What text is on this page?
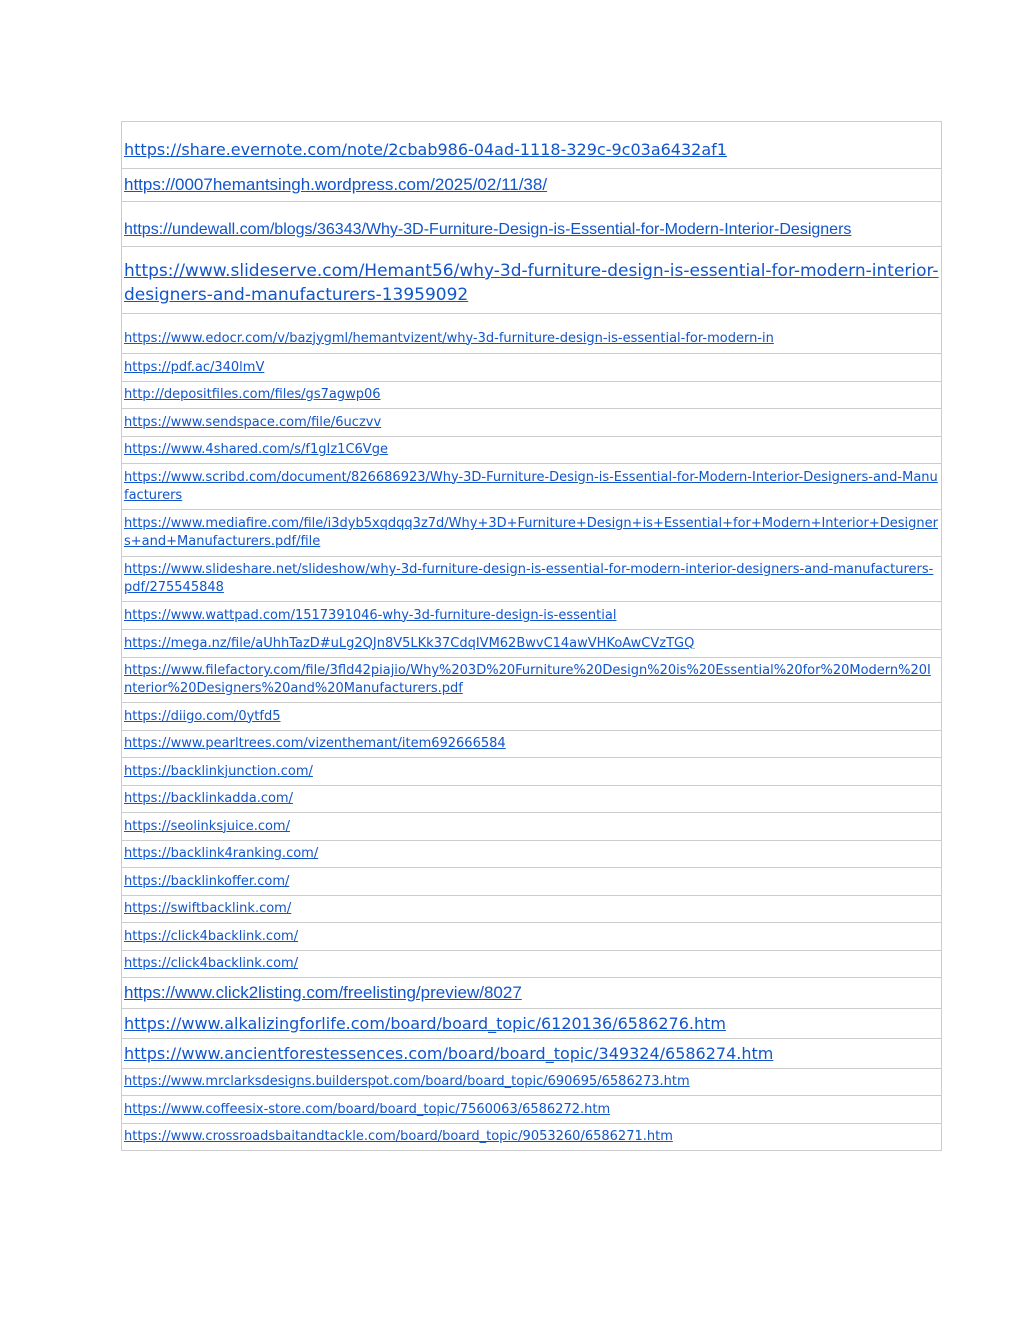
https://share.evernote.com/note/2cbab986-04ad-1118-329c-9c03a6432af1
https://0007hemantsingh.wordpress.com/2025/02/11/38/
https://undewall.com/blogs/36343/Why-3D-Furniture-Design-is-Essential-for-Modern-Interior-Designers
https://www.slideserve.com/Hemant56/why-3d-furniture-design-is-essential-for-modern-interior-designers-and-manufacturers-13959092
https://www.edocr.com/v/bazjygml/hemantvizent/why-3d-furniture-design-is-essential-for-modern-in
https://pdf.ac/340lmV
http://depositfiles.com/files/gs7agwp06
https://www.sendspace.com/file/6uczvv
https://www.4shared.com/s/f1gIz1C6Vge
https://www.scribd.com/document/826686923/Why-3D-Furniture-Design-is-Essential-for-Modern-Interior-Designers-and-Manufacturers
https://www.mediafire.com/file/i3dyb5xqdqq3z7d/Why+3D+Furniture+Design+is+Essential+for+Modern+Interior+Designers+and+Manufacturers.pdf/file
https://www.slideshare.net/slideshow/why-3d-furniture-design-is-essential-for-modern-interior-designers-and-manufacturers-pdf/275545848
https://www.wattpad.com/1517391046-why-3d-furniture-design-is-essential
https://mega.nz/file/aUhhTazD#uLg2QJn8V5LKk37CdqIVM62BwvC14awVHKoAwCVzTGQ
https://www.filefactory.com/file/3fld42piajio/Why%203D%20Furniture%20Design%20is%20Essential%20for%20Modern%20Interior%20Designers%20and%20Manufacturers.pdf
https://diigo.com/0ytfd5
https://www.pearltrees.com/vizenthemant/item692666584
https://backlinkjunction.com/
https://backlinkadda.com/
https://seolinksjuice.com/
https://backlink4ranking.com/
https://backlinkoffer.com/
https://swiftbacklink.com/
https://click4backlink.com/
https://click4backlink.com/
https://www.click2listing.com/freelisting/preview/8027
https://www.alkalizingforlife.com/board/board_topic/6120136/6586276.htm
https://www.ancientforestessences.com/board/board_topic/349324/6586274.htm
https://www.mrclarksdesigns.builderspot.com/board/board_topic/690695/6586273.htm
https://www.coffeesix-store.com/board/board_topic/7560063/6586272.htm
https://www.crossroadsbaitandtackle.com/board/board_topic/9053260/6586271.htm
